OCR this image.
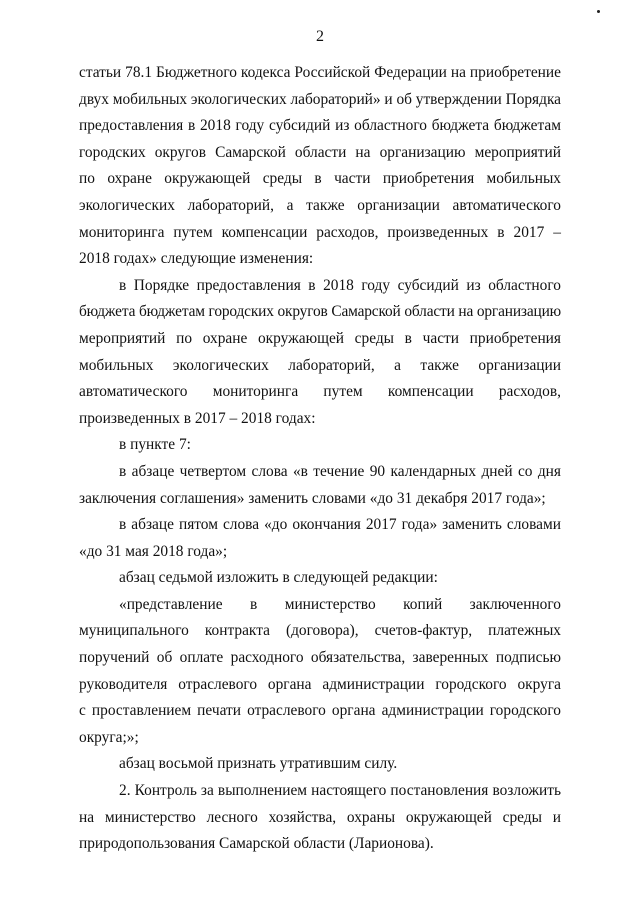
2
статьи 78.1 Бюджетного кодекса Российской Федерации на приобретение
двух мобильных экологических лабораторий» и об утверждении Порядка
предоставления в 2018 году субсидий из областного бюджета бюджетам
городских округов Самарской области на организацию мероприятий
по охране окружающей среды в части приобретения мобильных
экологических лабораторий, а также организации автоматического
мониторинга путем компенсации расходов, произведенных в 2017 –
2018 годах» следующие изменения:
в Порядке предоставления в 2018 году субсидий из областного
бюджета бюджетам городских округов Самарской области на организацию
мероприятий по охране окружающей среды в части приобретения
мобильных экологических лабораторий, а также организации
автоматического мониторинга путем компенсации расходов,
произведенных в 2017 – 2018 годах:
в пункте 7:
в абзаце четвертом слова «в течение 90 календарных дней со дня
заключения соглашения» заменить словами «до 31 декабря 2017 года»;
в абзаце пятом слова «до окончания 2017 года» заменить словами
«до 31 мая 2018 года»;
абзац седьмой изложить в следующей редакции:
«представление в министерство копий заключенного
муниципального контракта (договора), счетов-фактур, платежных
поручений об оплате расходного обязательства, заверенных подписью
руководителя отраслевого органа администрации городского округа
с проставлением печати отраслевого органа администрации городского
округа;»;
абзац восьмой признать утратившим силу.
2. Контроль за выполнением настоящего постановления возложить
на министерство лесного хозяйства, охраны окружающей среды и
природопользования Самарской области (Ларионова).
